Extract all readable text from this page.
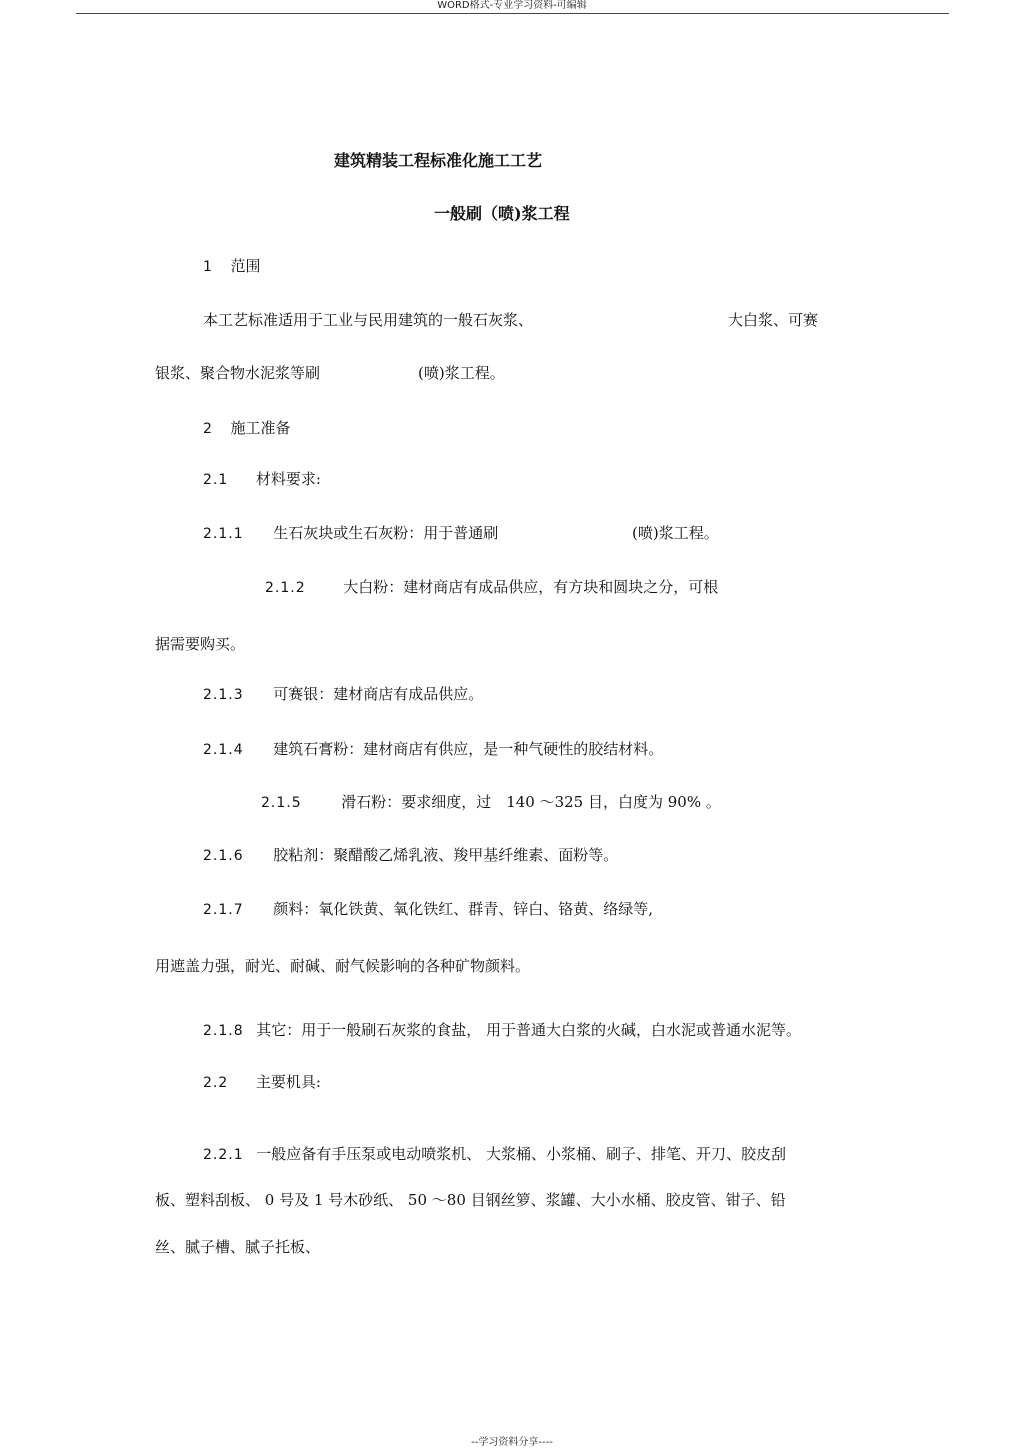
WORD格式-专业学习资料-可编辑
建筑精装工程标准化施工工艺
一般刷（喷)浆工程
1 范围
本工艺标准适用于工业与民用建筑的一般石灰浆、	大白浆、可赛
银浆、聚合物水泥浆等刷	(喷)浆工程。
2 施工准备
2.1 材料要求:
2.1.1 生石灰块或生石灰粉：用于普通刷	(喷)浆工程。
2.1.2	大白粉：建材商店有成品供应，有方块和圆块之分，可根
据需要购买。
2.1.3 可赛银：建材商店有成品供应。
2.1.4 建筑石膏粉：建材商店有供应，是一种气硬性的胶结材料。
2.1.5	滑石粉：要求细度，过　140 ～325 目，白度为 90% 。
2.1.6 胶粘剂：聚醋酸乙烯乳液、羧甲基纤维素、面粉等。
2.1.7 颜料：氧化铁黄、氧化铁红、群青、锌白、铬黄、络绿等,
用遮盖力强，耐光、耐碱、耐气候影响的各种矿物颜料。
2.1.8 其它：用于一般刷石灰浆的食盐， 用于普通大白浆的火碱，白水泥或普通水泥等。
2.2 主要机具:
2.2.1 一般应备有手压泵或电动喷浆机、 大浆桶、小浆桶、刷子、排笔、开刀、胶皮刮
板、塑料刮板、 0 号及 1 号木砂纸、 50 ～80 目钢丝箩、浆罐、大小水桶、胶皮管、钳子、铅
丝、腻子槽、腻子托板、
--学习资料分享----
